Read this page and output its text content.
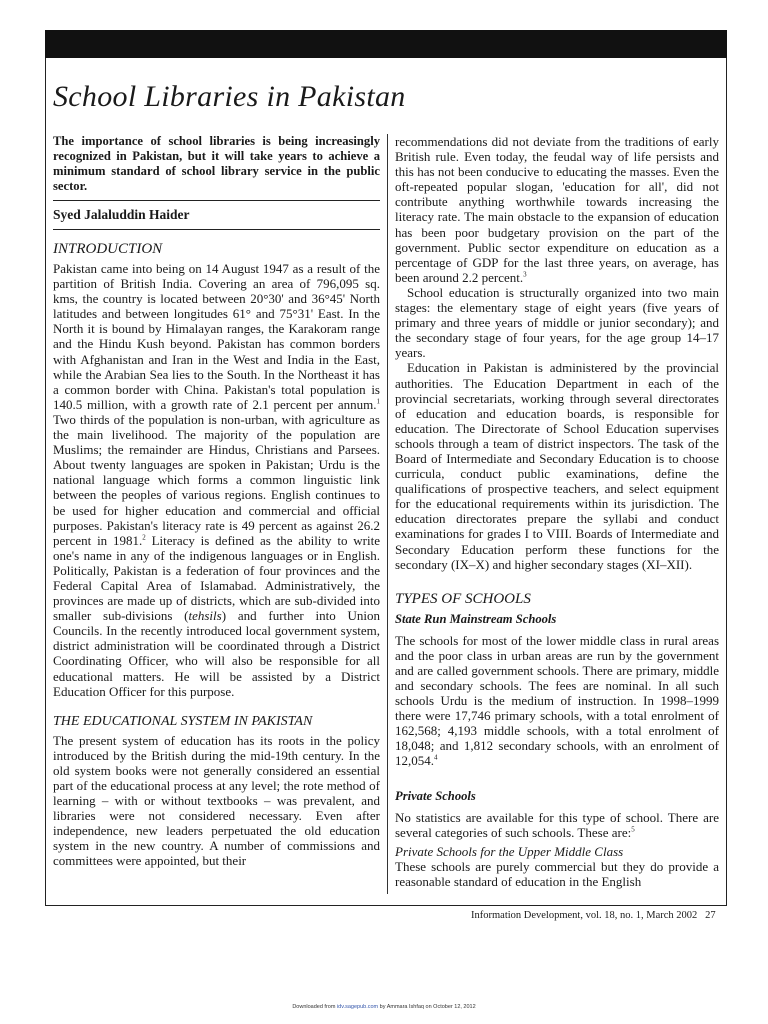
School Libraries in Pakistan

The importance of school libraries is being increasingly recognized in Pakistan, but it will take years to achieve a minimum standard of school library service in the public sector.

Syed Jalaluddin Haider
INTRODUCTION

Pakistan came into being on 14 August 1947 as a result of the partition of British India. Covering an area of 796,095 sq. kms, the country is located between 20°30' and 36°45' North latitudes and between longitudes 61° and 75°31' East. In the North it is bound by Himalayan ranges, the Karakoram range and the Hindu Kush beyond. Pakistan has common borders with Afghanistan and Iran in the West and India in the East, while the Arabian Sea lies to the South. In the Northeast it has a common border with China. Pakistan's total population is 140.5 million, with a growth rate of 2.1 percent per annum.$^1$ Two thirds of the population is non-urban, with agriculture as the main livelihood. The majority of the population are Muslims; the remainder are Hindus, Christians and Parsees. About twenty languages are spoken in Pakistan; Urdu is the national language which forms a common linguistic link between the peoples of various regions. English continues to be used for higher education and commercial and official purposes. Pakistan's literacy rate is 49 percent as against 26.2 percent in 1981.$^2$ Literacy is defined as the ability to write one's name in any of the indigenous languages or in English. Politically, Pakistan is a federation of four provinces and the Federal Capital Area of Islamabad. Administratively, the provinces are made up of districts, which are sub-divided into smaller sub-divisions (tehsils) and further into Union Councils. In the recently introduced local government system, district administration will be coordinated through a District Coordinating Officer, who will also be responsible for all educational matters. He will be assisted by a District Education Officer for this purpose.

THE EDUCATIONAL SYSTEM IN PAKISTAN

The present system of education has its roots in the policy introduced by the British during the mid-19th century. In the old system books were not generally considered an essential part of the educational process at any level; the rote method of learning – with or without textbooks – was prevalent, and libraries were not considered necessary. Even after independence, new leaders perpetuated the old education system in the new country. A number of commissions and committees were appointed, but their

recommendations did not deviate from the traditions of early British rule. Even today, the feudal way of life persists and this has not been conducive to educating the masses. Even the oft-repeated popular slogan, 'education for all', did not contribute anything worthwhile towards increasing the literacy rate. The main obstacle to the expansion of education has been poor budgetary provision on the part of the government. Public sector expenditure on education as a percentage of GDP for the last three years, on average, has been around 2.2 percent.$^3$

School education is structurally organized into two main stages: the elementary stage of eight years (five years of primary and three years of middle or junior secondary); and the secondary stage of four years, for the age group 14–17 years.

Education in Pakistan is administered by the provincial authorities. The Education Department in each of the provincial secretariats, working through several directorates of education and education boards, is responsible for education. The Directorate of School Education supervises schools through a team of district inspectors. The task of the Board of Intermediate and Secondary Education is to choose curricula, conduct public examinations, define the qualifications of prospective teachers, and select equipment for the educational requirements within its jurisdiction. The education directorates prepare the syllabi and conduct examinations for grades I to VIII. Boards of Intermediate and Secondary Education perform these functions for the secondary (IX–X) and higher secondary stages (XI–XII).

TYPES OF SCHOOLS
State Run Mainstream Schools

The schools for most of the lower middle class in rural areas and the poor class in urban areas are run by the government and are called government schools. There are primary, middle and secondary schools. The fees are nominal. In all such schools Urdu is the medium of instruction. In 1998–1999 there were 17,746 primary schools, with a total enrolment of 162,568; 4,193 middle schools, with a total enrolment of 18,048; and 1,812 secondary schools, with an enrolment of 12,054.$^4$

Private Schools

No statistics are available for this type of school. There are several categories of such schools. These are:$^5$

Private Schools for the Upper Middle Class

These schools are purely commercial but they do provide a reasonable standard of education in the English

Information Development, vol. 18, no. 1, March 2002 27
Downloaded from idv.sagepub.com by Ammara Ishfaq on October 12, 2012
